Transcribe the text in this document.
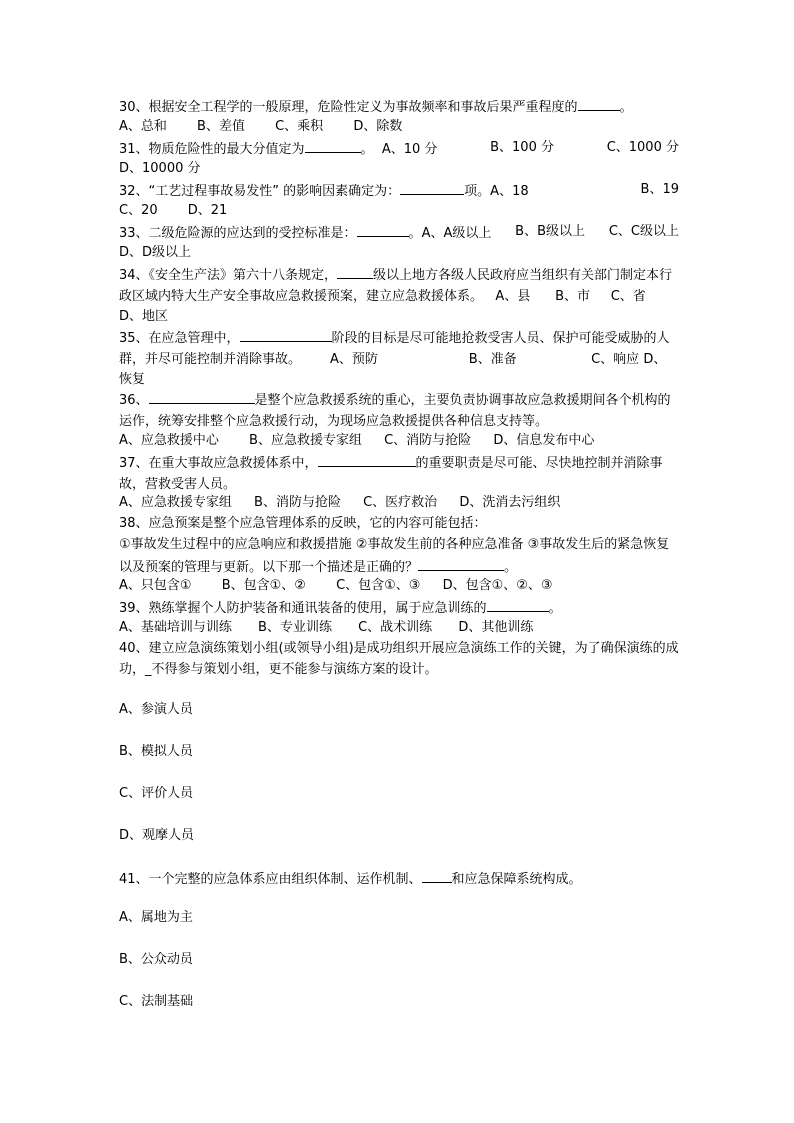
30、根据安全工程学的一般原理，危险性定义为事故频率和事故后果严重程度的	。
A、总和 B、差值 C、乘积 D、除数
31、物质危险性的最大分值定为	。 A、10 分	B、100 分	C、1000 分
D、10000 分
32、“工艺过程事故易发性” 的影响因素确定为：	项。A、18	B、19
C、20 D、21
33、二级危险源的应达到的受控标准是：	。A、A级以上 B、B级以上 C、C级以上
D、D级以上
34、《安全生产法》第六十八条规定，	级以上地方各级人民政府应当组织有关部门制定本行政区域内特大生产安全事故应急救援预案，建立应急救援体系。 A、县 B、市 C、省      D、地区
35、在应急管理中，	阶段的目标是尽可能地抢救受害人员、保护可能受威胁的人群，并尽可能控制并消除事故。 A、预防	B、准备	C、响应 D、恢复
36、	是整个应急救援系统的重心，主要负责协调事故应急救援期间各个机构的运作，统筹安排整个应急救援行动，为现场应急救援提供各种信息支持等。
A、应急救援中心 B、应急救援专家组 C、消防与抢险 D、信息发布中心
37、在重大事故应急救援体系中，	的重要职责是尽可能、尽快地控制并消除事故，营救受害人员。
A、应急救援专家组 B、消防与抢险 C、医疗救治 D、洗消去污组织
38、应急预案是整个应急管理体系的反映，它的内容可能包括：
①事故发生过程中的应急响应和救援措施 ②事故发生前的各种应急准备 ③事故发生后的紧急恢复以及预案的管理与更新。以下那一个描述是正确的？	。
A、只包含① B、包含①、② C、包含①、③ D、包含①、②、③
39、熟练掌握个人防护装备和通讯装备的使用，属于应急训练的	。
A、基础培训与训练 B、专业训练 C、战术训练 D、其他训练
40、建立应急演练策划小组(或领导小组)是成功组织开展应急演练工作的关键，为了确保演练的成功，_不得参与策划小组，更不能参与演练方案的设计。
A、参演人员
B、模拟人员
C、评价人员
D、观摩人员
41、一个完整的应急体系应由组织体制、运作机制、 和应急保障系统构成。
A、属地为主
B、公众动员
C、法制基础
